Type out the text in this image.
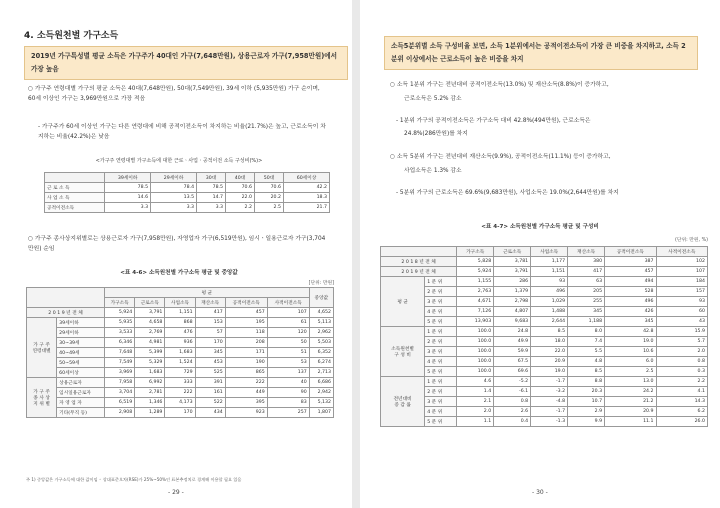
4. 소득원천별 가구소득
2019년 가구특성별 평균 소득은 가구주가 40대인 가구(7,648만원), 상용근로자 가구(7,958만원)에서 가장 높음
○ 가구주 연령대별 가구의 평균 소득은 40대(7,648만원), 50대(7,549만원), 39세 이하 (5,935만원) 가구 순이며, 60세 이상인 가구는 3,969만원으로 가장 적음
- 가구주가 60세 이상인 가구는 다른 연령대에 비해 공적이전소득이 차지하는 비율(21.7%)은 높고, 근로소득이 차지하는 비율(42.2%)은 낮음
<가구주 연령대별 가구소득에 대한 근로ㆍ사업ㆍ공적이전 소득 구성비(%)>
	39세이하	29세이하	30대	40대	50대	60세이상
근 로 소 득	78.5	78.4	78.5	70.6	70.6	42.2
사 업 소 득	14.6	13.5	14.7	22.0	20.2	18.3
공적이전소득	3.3	3.3	3.3	2.2	2.5	21.7
○ 가구주 종사상지위별로는 상용근로자 가구(7,958만원), 자영업자 가구(6,519만원), 임시ㆍ일용근로자 가구(3,704만원) 순임
<표 4-6> 소득원천별 가구소득 평균 및 중앙값
[단위: 만원]
		평 균						중앙값
		가구소득	근로소득	사업소득	재산소득	공적이전소득	사적이전소득	
2 0 1 9 년 전 체		5,924	3,791	1,151	417	457	107	4,652
가 구 주
연령대별	39세이하	5,935	4,658	868	153	195	61	5,113
	29세이하	3,533	2,769	476	57	118	120	2,962
	30~39세	6,346	4,981	936	170	208	50	5,503
	40~49세	7,648	5,399	1,683	345	171	51	6,352
	50~59세	7,549	5,329	1,524	453	190	53	6,274
	60세이상	3,969	1,683	729	525	865	137	2,713
가 구 주
종 사 상
지 위 별	상용근로자	7,958	6,992	333	391	222	40	6,686
	임시일용근로자	3,704	2,781	222	161	449	90	2,942
	자 영 업 자	6,519	1,346	4,173	522	395	83	5,132
	기타(무직 등)	2,908	1,289	170	434	923	257	1,807
주 1) 중앙값은 가구소득에 대한 값이임 ◦ 상대표준오차(RSE)가 25%~50%인 표본추정치로 경계해 이용할 필요 있음
- 29 -
소득5분위별 소득 구성비율 보면, 소득 1분위에서는 공적이전소득이 가장 큰 비중을 차지하고, 소득 2분위 이상에서는 근로소득이 높은 비중을 차지
○ 소득 1분위 가구는 전년대비 공적이전소득(13.0%) 및 재산소득(8.8%)이 증가하고,
근로소득은 5.2% 감소
- 1분위 가구의 공적이전소득은 가구소득 대비 42.8%(494만원), 근로소득은
24.8%(286만원)를 차지
○ 소득 5분위 가구는 전년대비 재산소득(9.9%), 공적이전소득(11.1%) 등이 증가하고,
사업소득은 1.3% 감소
- 5분위 가구의 근로소득은 69.6%(9,683만원), 사업소득은 19.0%(2,644만원)를 차지
<표 4-7> 소득원천별 가구소득 평균 및 구성비
(단위: 만원, %)
		가구소득	근로소득	사업소득	재산소득	공적이전소득	사적이전소득
2 0 1 8 년 전 체		5,828	3,781	1,177	380	387	102
2 0 1 9 년 전 체		5,924	3,791	1,151	417	457	107
평 균	1 분 위	1,155	286	93	63	494	184
	2 분 위	2,763	1,379	496	205	528	157
	3 분 위	4,671	2,798	1,029	255	496	93
	4 분 위	7,126	4,807	1,488	345	426	60
	5 분 위	13,903	9,683	2,644	1,188	345	43
소득원천별
구 성 비	1 분 위	100.0	24.8	8.5	8.0	42.8	15.9
	2 분 위	100.0	49.9	18.0	7.4	19.0	5.7
	3 분 위	100.0	59.9	22.0	5.5	10.6	2.0
	4 분 위	100.0	67.5	20.9	4.8	6.0	0.8
	5 분 위	100.0	69.6	19.0	8.5	2.5	0.3
전년대비
증 감 률	1 분 위	4.6	-5.2	-1.7	8.8	13.0	2.2
	2 분 위	1.4	-6.1	-3.2	20.3	24.2	4.1
	3 분 위	2.1	0.8	-4.8	10.7	21.2	14.3
	4 분 위	2.0	2.6	-1.7	2.9	20.9	6.2
	5 분 위	1.1	0.4	-1.3	9.9	11.1	26.0
- 30 -
